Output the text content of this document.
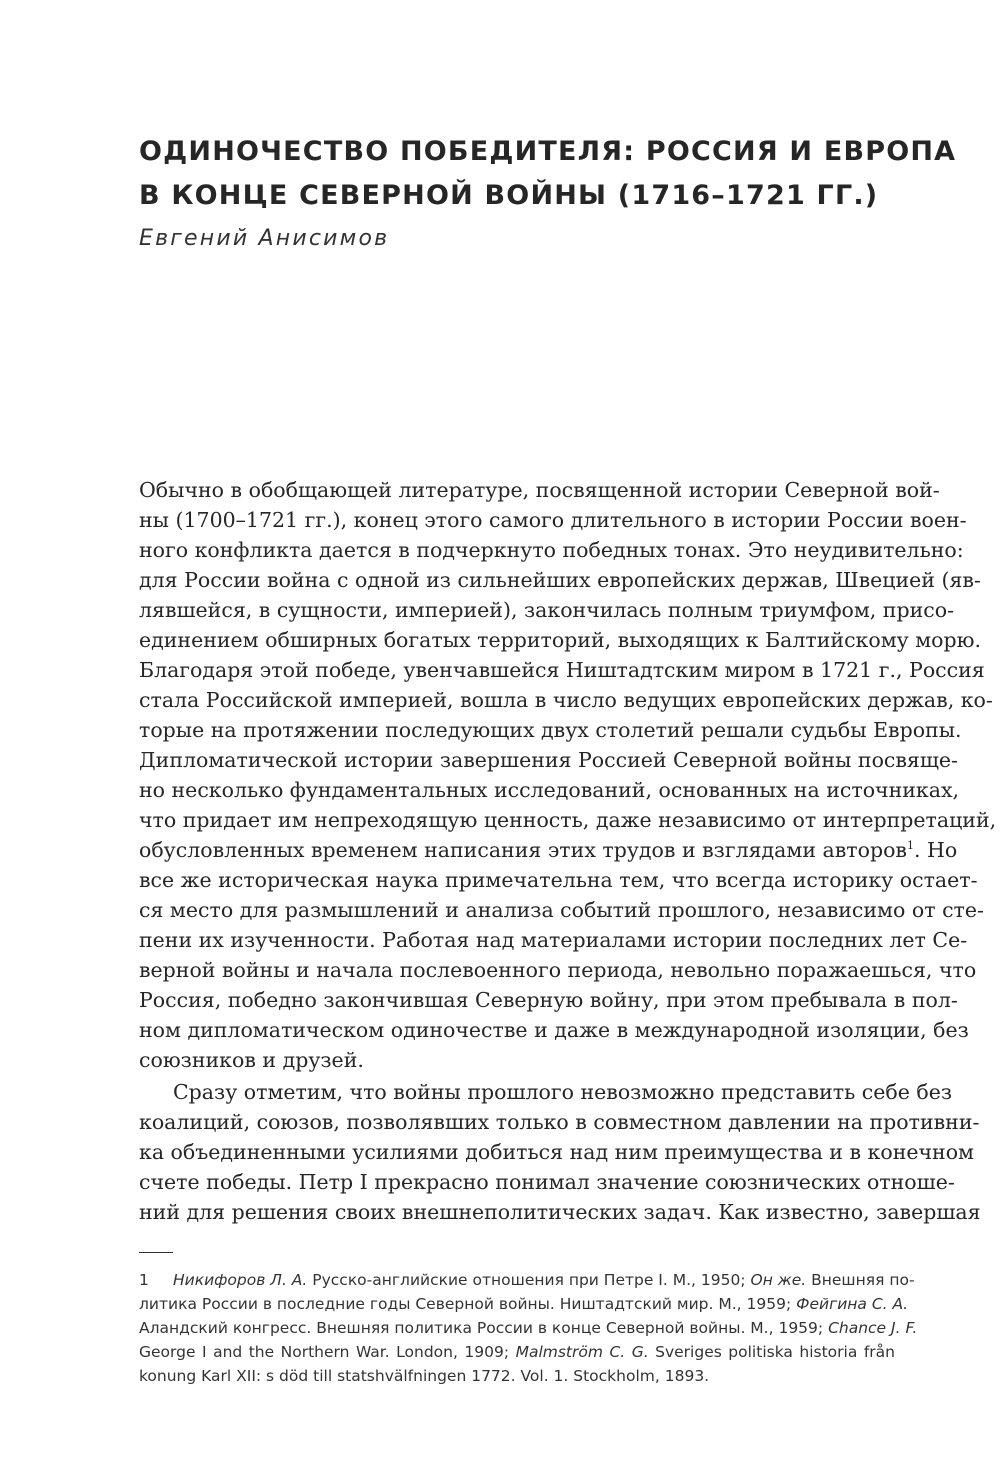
ОДИНОЧЕСТВО ПОБЕДИТЕЛЯ: РОССИЯ И ЕВРОПА
В КОНЦЕ СЕВЕРНОЙ ВОЙНЫ (1716–1721 ГГ.)

Евгений Анисимов

Обычно в обобщающей литературе, посвященной истории Северной вой-
ны (1700–1721 гг.), конец этого самого длительного в истории России воен-
ного конфликта дается в подчеркнуто победных тонах. Это неудивительно:
для России война с одной из сильнейших европейских держав, Швецией (яв-
лявшейся, в сущности, империей), закончилась полным триумфом, присо-
единением обширных богатых территорий, выходящих к Балтийскому морю.
Благодаря этой победе, увенчавшейся Ништадтским миром в 1721 г., Россия
стала Российской империей, вошла в число ведущих европейских держав, ко-
торые на протяжении последующих двух столетий решали судьбы Европы.
Дипломатической истории завершения Россией Северной войны посвяще-
но несколько фундаментальных исследований, основанных на источниках,
что придает им непреходящую ценность, даже независимо от интерпретаций,
обусловленных временем написания этих трудов и взглядами авторов$^1$. Но
все же историческая наука примечательна тем, что всегда историку остает-
ся место для размышлений и анализа событий прошлого, независимо от сте-
пени их изученности. Работая над материалами истории последних лет Се-
верной войны и начала послевоенного периода, невольно поражаешься, что
Россия, победно закончившая Северную войну, при этом пребывала в пол-
ном дипломатическом одиночестве и даже в международной изоляции, без
союзников и друзей.
Сразу отметим, что войны прошлого невозможно представить себе без
коалиций, союзов, позволявших только в совместном давлении на противни-
ка объединенными усилиями добиться над ним преимущества и в конечном
счете победы. Петр I прекрасно понимал значение союзнических отноше-
ний для решения своих внешнеполитических задач. Как известно, завершая
1 Никифоров Л. А. Русско-английские отношения при Петре I. М., 1950; Он же. Внешняя по-
литика России в последние годы Северной войны. Ништадтский мир. М., 1959; Фейгина С. А.
Аландский конгресс. Внешняя политика России в конце Северной войны. М., 1959; Chance J. F.
George I and the Northern War. London, 1909; Malmström C. G. Sveriges politiska historia från
konung Karl XII: s död till statshvälfningen 1772. Vol. 1. Stockholm, 1893.
